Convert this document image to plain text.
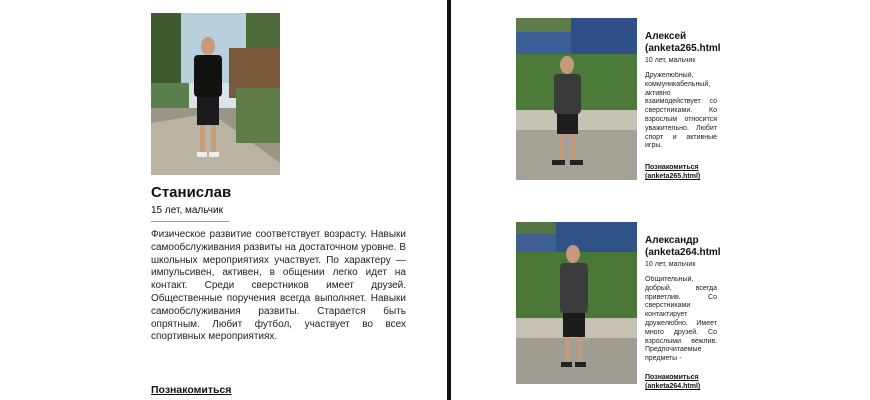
Станислав
15 лет, мальчик
Физическое развитие соответствует возрасту. Навыки самообслуживания развиты на достаточном уровне. В школьных мероприятиях участвует. По характеру — импульсивен, активен, в общении легко идет на контакт. Среди сверстников имеет друзей. Общественные поручения всегда выполняет. Навыки самообслуживания развиты. Старается быть опрятным. Любит футбол, участвует во всех спортивных мероприятиях.
Познакомиться
Алексей
(anketa265.html
10 лет, мальчик
Дружелюбный, коммуникабельный, активно взаимодействует со сверстниками. Ко взрослым относится уважительно. Любит спорт и активные игры.
Познакомиться
(anketa265.html)
Александр
(anketa264.html
10 лет, мальчик
Общительный, добрый, всегда приветлив. Со сверстниками контактирует дружелюбно. Имеет много друзей. Со взрослыми вежлив. Предпочитаемые предметы -
Познакомиться
(anketa264.html)
